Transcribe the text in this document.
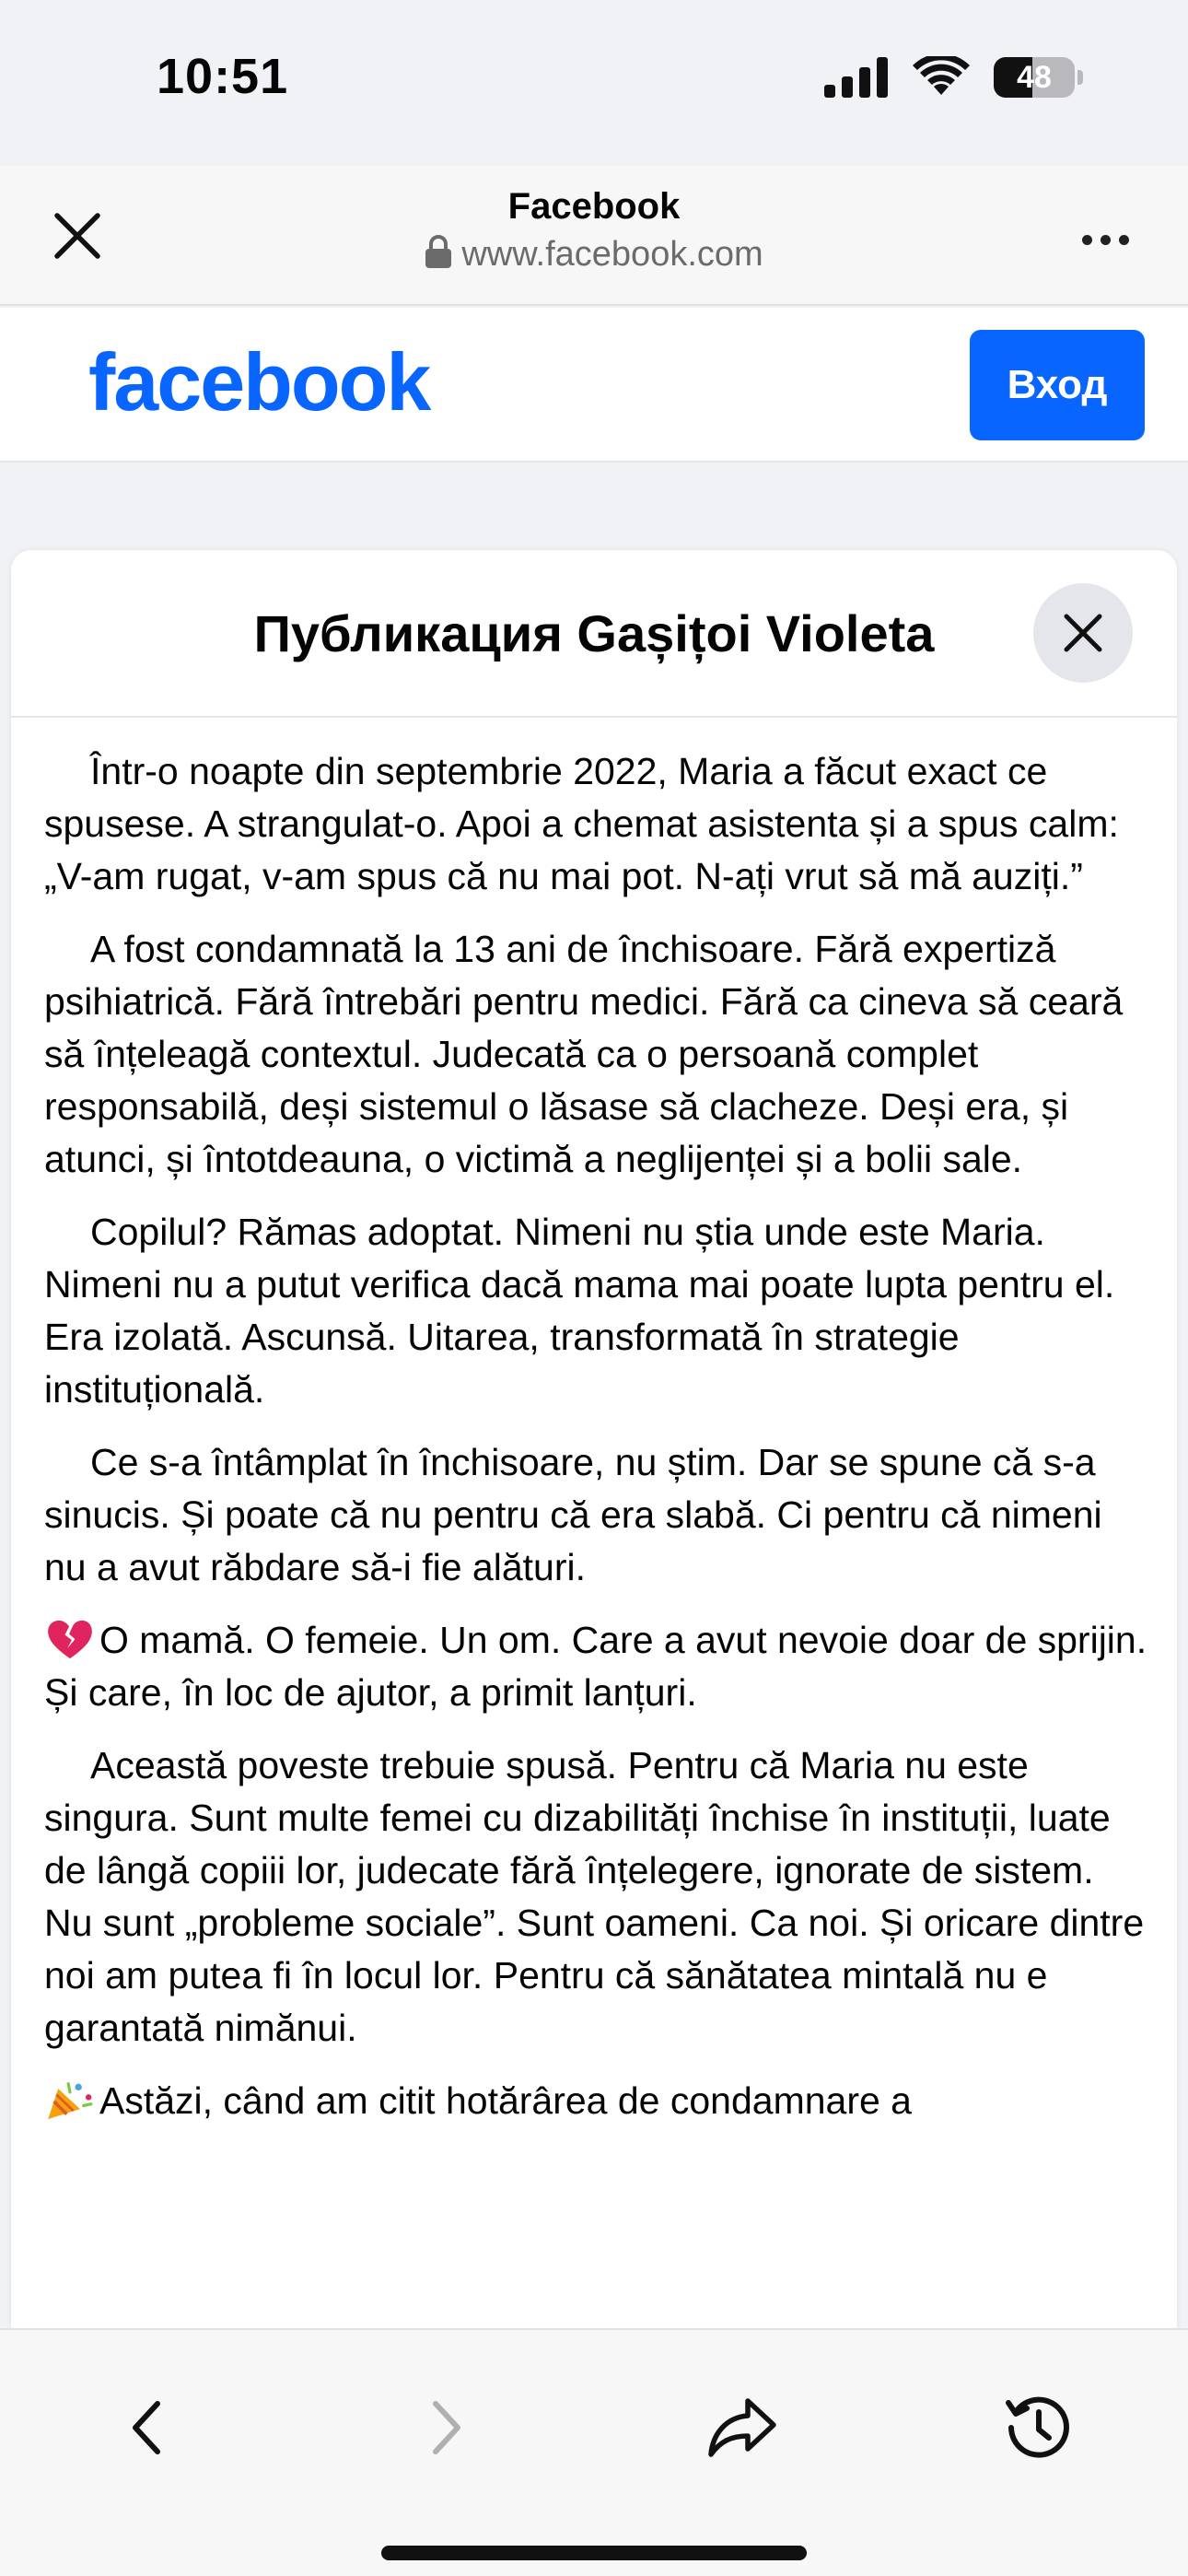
10:51	48
Facebook
www.facebook.com
facebook	Вход
Публикация Gașițoi Violeta

Într-o noapte din septembrie 2022, Maria a făcut exact ce spusese. A strangulat-o. Apoi a chemat asistenta și a spus calm: „V-am rugat, v-am spus că nu mai pot. N-ați vrut să mă auziți.”

A fost condamnată la 13 ani de închisoare. Fără expertiză psihiatrică. Fără întrebări pentru medici. Fără ca cineva să ceară să înțeleagă contextul. Judecată ca o persoană complet responsabilă, deși sistemul o lăsase să clacheze. Deși era, și atunci, și întotdeauna, o victimă a neglijenței și a bolii sale.

Copilul? Rămas adoptat. Nimeni nu știa unde este Maria. Nimeni nu a putut verifica dacă mama mai poate lupta pentru el. Era izolată. Ascunsă. Uitarea, transformată în strategie instituțională.

Ce s-a întâmplat în închisoare, nu știm. Dar se spune că s-a sinucis. Și poate că nu pentru că era slabă. Ci pentru că nimeni nu a avut răbdare să-i fie alături.

O mamă. O femeie. Un om. Care a avut nevoie doar de sprijin. Și care, în loc de ajutor, a primit lanțuri.

Această poveste trebuie spusă. Pentru că Maria nu este singura. Sunt multe femei cu dizabilități închise în instituții, luate de lângă copiii lor, judecate fără înțelegere, ignorate de sistem. Nu sunt „probleme sociale”. Sunt oameni. Ca noi. Și oricare dintre noi am putea fi în locul lor. Pentru că sănătatea mintală nu e garantată nimănui.

Astăzi, când am citit hotărârea de condamnare a
